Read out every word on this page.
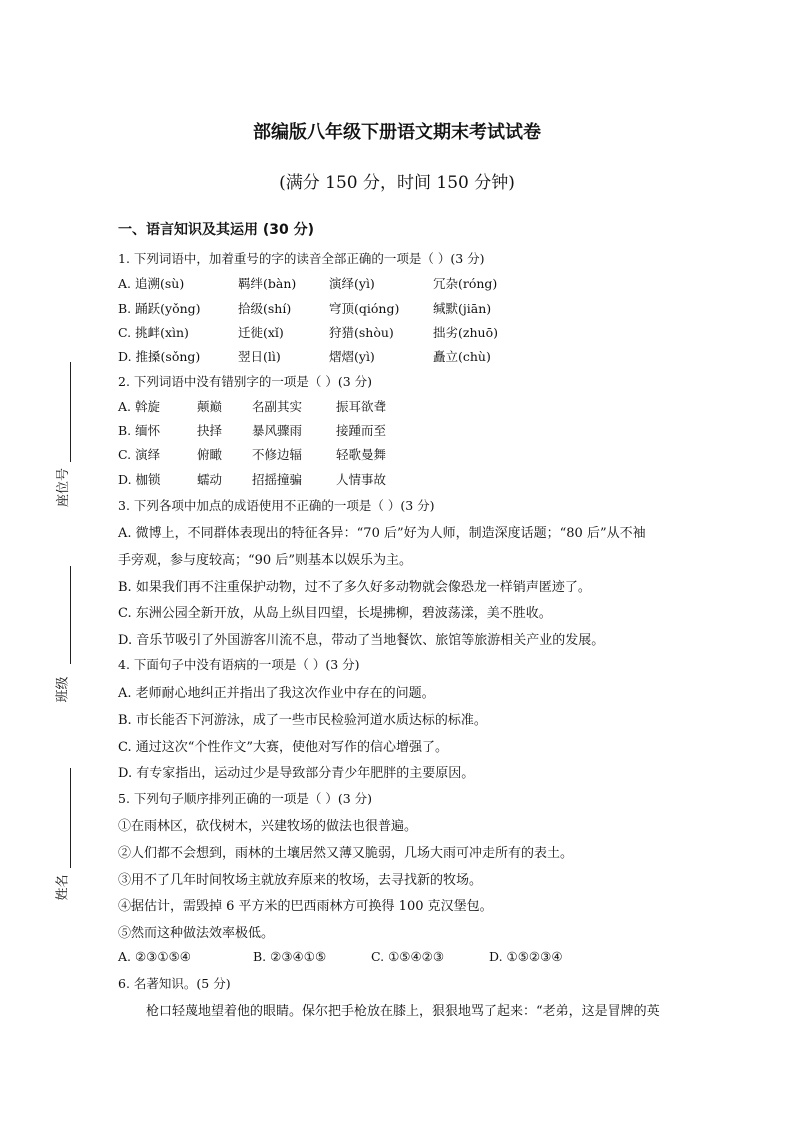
座位号
班级
姓名
部编版八年级下册语文期末考试试卷
(满分 150 分，时间 150 分钟)
一、语言知识及其运用 (30 分)
1. 下列词语中，加着重号的字的读音全部正确的一项是（ ）(3 分)
A. 追溯(sù)	羁绊(bàn)	演绎(yì)	冗杂(róng)
B. 踊跃(yǒng)	拾级(shí)	穹顶(qióng)	缄默(jiān)
C. 挑衅(xìn)	迁徙(xǐ)	狩猎(shòu)	拙劣(zhuō)
D. 推搡(sǒng)	翌日(lì)	熠熠(yì)	矗立(chù)
2. 下列词语中没有错别字的一项是（ ）(3 分)
A. 斡旋	颠巅 名副其实	振耳欲聋
B. 缅怀	抉择 暴风骤雨	接踵而至
C. 演绎	俯瞰 不修边辐	轻歌曼舞
D. 枷锁	蠕动 招摇撞骗	人情事故
3. 下列各项中加点的成语使用不正确的一项是（ ）(3 分)
A. 微博上，不同群体表现出的特征各异：“70 后”好为人师，制造深度话题；“80 后”从不袖
手旁观，参与度较高；“90 后”则基本以娱乐为主。
B. 如果我们再不注重保护动物，过不了多久好多动物就会像恐龙一样销声匿迹了。
C. 东洲公园全新开放，从岛上纵目四望，长堤拂柳，碧波荡漾，美不胜收。
D. 音乐节吸引了外国游客川流不息，带动了当地餐饮、旅馆等旅游相关产业的发展。
4. 下面句子中没有语病的一项是（ ）(3 分)
A. 老师耐心地纠正并指出了我这次作业中存在的问题。
B. 市长能否下河游泳，成了一些市民检验河道水质达标的标准。
C. 通过这次“个性作文”大赛，使他对写作的信心增强了。
D. 有专家指出，运动过少是导致部分青少年肥胖的主要原因。
5. 下列句子顺序排列正确的一项是（ ）(3 分)
①在雨林区，砍伐树木，兴建牧场的做法也很普遍。
②人们都不会想到，雨林的土壤居然又薄又脆弱，几场大雨可冲走所有的表土。
③用不了几年时间牧场主就放弃原来的牧场，去寻找新的牧场。
④据估计，需毁掉 6 平方米的巴西雨林方可换得 100 克汉堡包。
⑤然而这种做法效率极低。
A. ②③①⑤④	B. ②③④①⑤	C. ①⑤④②③	D. ①⑤②③④
6. 名著知识。(5 分)
枪口轻蔑地望着他的眼睛。保尔把手枪放在膝上，狠狠地骂了起来：“老弟，这是冒牌的英
